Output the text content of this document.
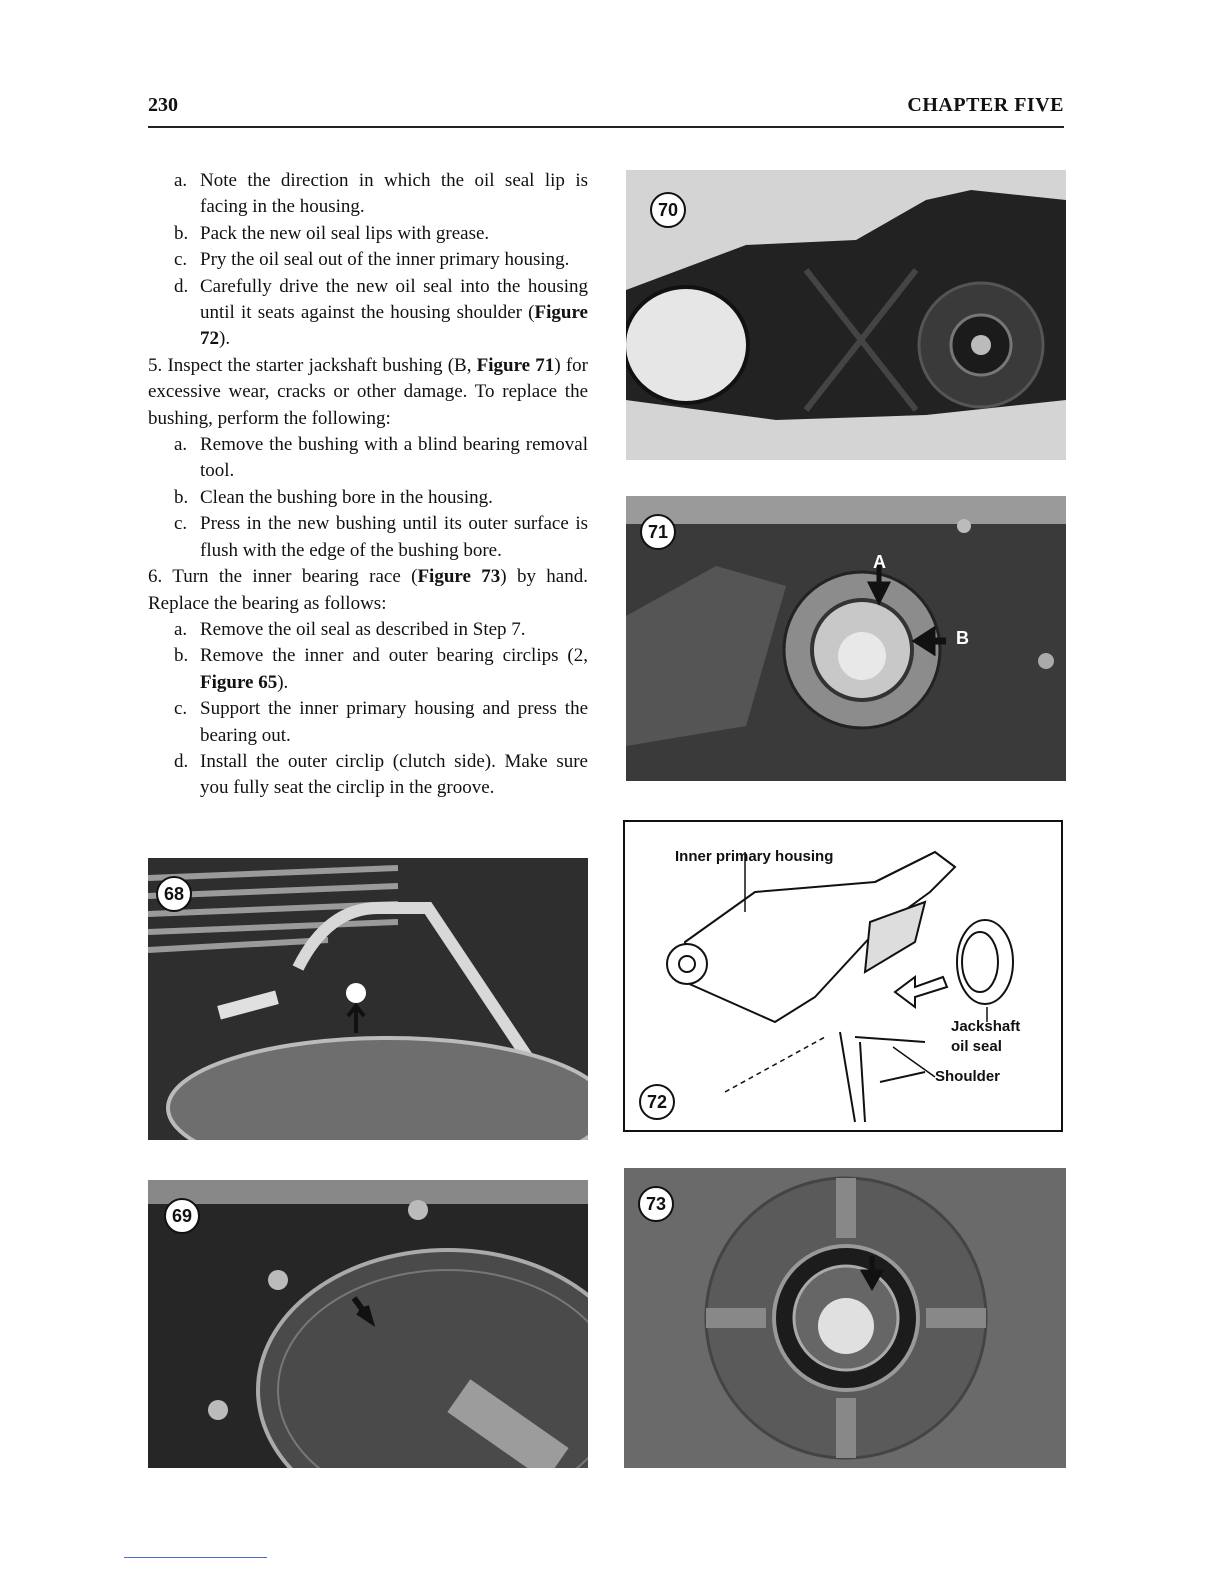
230	CHAPTER FIVE
a. Note the direction in which the oil seal lip is facing in the housing.
b. Pack the new oil seal lips with grease.
c. Pry the oil seal out of the inner primary housing.
d. Carefully drive the new oil seal into the housing until it seats against the housing shoulder (Figure 72).

5. Inspect the starter jackshaft bushing (B, Figure 71) for excessive wear, cracks or other damage. To replace the bushing, perform the following:

a. Remove the bushing with a blind bearing removal tool.
b. Clean the bushing bore in the housing.
c. Press in the new bushing until its outer surface is flush with the edge of the bushing bore.

6. Turn the inner bearing race (Figure 73) by hand. Replace the bearing as follows:

a. Remove the oil seal as described in Step 7.
b. Remove the inner and outer bearing circlips (2, Figure 65).
c. Support the inner primary housing and press the bearing out.
d. Install the outer circlip (clutch side). Make sure you fully seat the circlip in the groove.
70
71
A
B
Inner primary housing
Jackshaft
oil seal
Shoulder
72
68
69
73
